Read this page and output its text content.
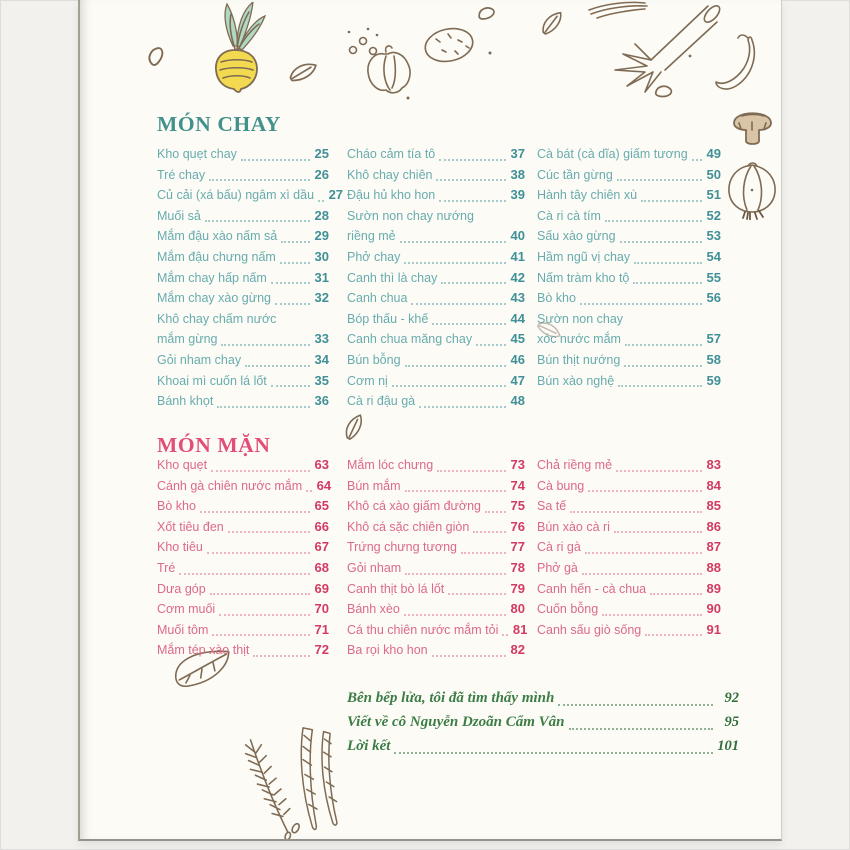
MÓN CHAY
Kho quẹt chay	25
Tré chay	26
Củ cải (xá bấu) ngâm xì dầu 27
Muối sả	28
Mắm đậu xào nấm sả	29
Mắm đậu chưng nấm	30
Mắm chay hấp nấm	31
Mắm chay xào gừng	32
Khô chay chấm nước
mắm gừng	33
Gỏi nham chay	34
Khoai mì cuốn lá lốt	35
Bánh khọt	36
Cháo cảm tía tô	37
Khô chay chiên	38
Đậu hủ kho hon	39
Sườn non chay nướng
riềng mẻ	40
Phở chay	41
Canh thì là chay	42
Canh chua	43
Bóp thấu - khế	44
Canh chua măng chay	45
Bún bỗng	46
Cơm nị	47
Cà ri đậu gà	48
Cà bát (cà dĩa) giấm tương 49
Cúc tần gừng	50
Hành tây chiên xù	51
Cà ri cà tím	52
Sấu xào gừng	53
Hầm ngũ vị chay	54
Nấm tràm kho tộ	55
Bò kho	56
Sườn non chay
xóc nước mắm	57
Bún thịt nướng	58
Bún xào nghệ	59
MÓN MẶN
Kho quẹt	63
Cánh gà chiên nước mắm 64
Bò kho	65
Xốt tiêu đen	66
Kho tiêu	67
Tré	68
Dưa góp	69
Cơm muối	70
Muối tôm	71
Mắm tép xào thịt	72
Mắm lóc chưng	73
Bún mắm	74
Khô cá xào giấm đường 75
Khô cá sặc chiên giòn	76
Trứng chưng tương	77
Gỏi nham	78
Canh thịt bò lá lốt	79
Bánh xèo	80
Cá thu chiên nước mắm tỏi 81
Ba rọi kho hon	82
Chả riềng mẻ	83
Cà bung	84
Sa tế	85
Bún xào cà ri	86
Cà ri gà	87
Phở gà	88
Canh hến - cà chua	89
Cuốn bỗng	90
Canh sấu giò sống	91
Bên bếp lửa, tôi đã tìm thấy mình	92
Viết về cô Nguyễn Dzoãn Cẩm Vân	95
Lời kết	101
